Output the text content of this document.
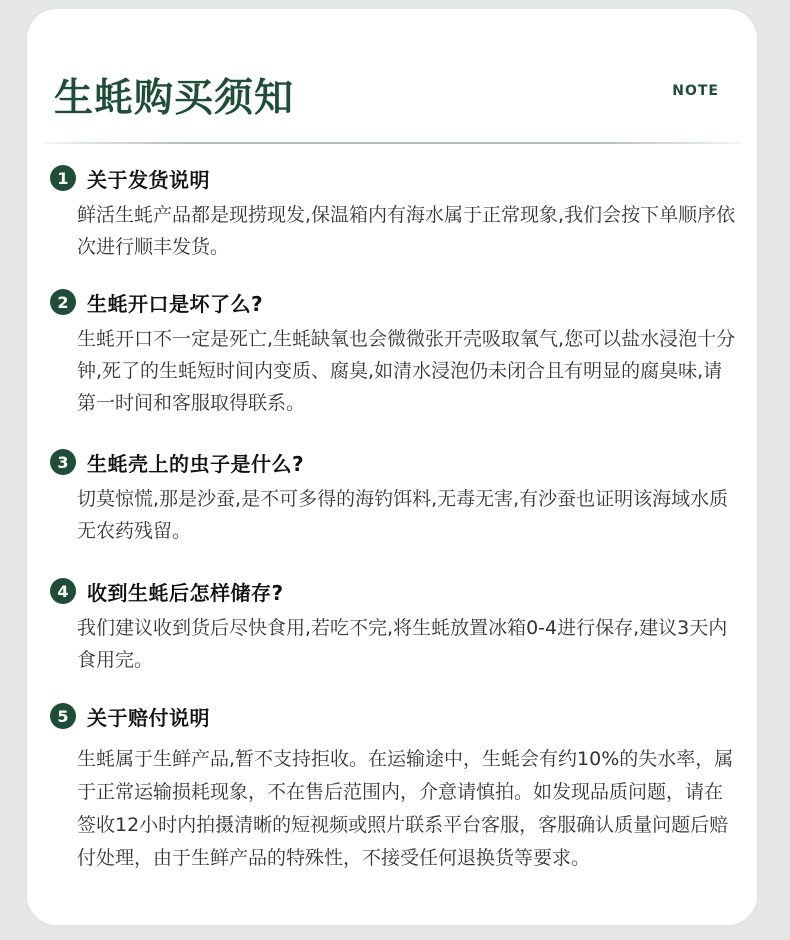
生蚝购买须知	NOTE
1 关于发货说明
鲜活生蚝产品都是现捞现发,保温箱内有海水属于正常现象,我们会按下单顺序依次进行顺丰发货。
2 生蚝开口是坏了么?
生蚝开口不一定是死亡,生蚝缺氧也会微微张开壳吸取氧气,您可以盐水浸泡十分钟,死了的生蚝短时间内变质、腐臭,如清水浸泡仍未闭合且有明显的腐臭味,请第一时间和客服取得联系。
3 生蚝壳上的虫子是什么?
切莫惊慌,那是沙蚕,是不可多得的海钓饵料,无毒无害,有沙蚕也证明该海域水质无农药残留。
4 收到生蚝后怎样储存?
我们建议收到货后尽快食用,若吃不完,将生蚝放置冰箱0-4进行保存,建议3天内食用完。
5 关于赔付说明
生蚝属于生鲜产品,暂不支持拒收。在运输途中，生蚝会有约10%的失水率，属于正常运输损耗现象，不在售后范围内，介意请慎拍。如发现品质问题，请在签收12小时内拍摄清晰的短视频或照片联系平台客服，客服确认质量问题后赔付处理，由于生鲜产品的特殊性，不接受任何退换货等要求。
